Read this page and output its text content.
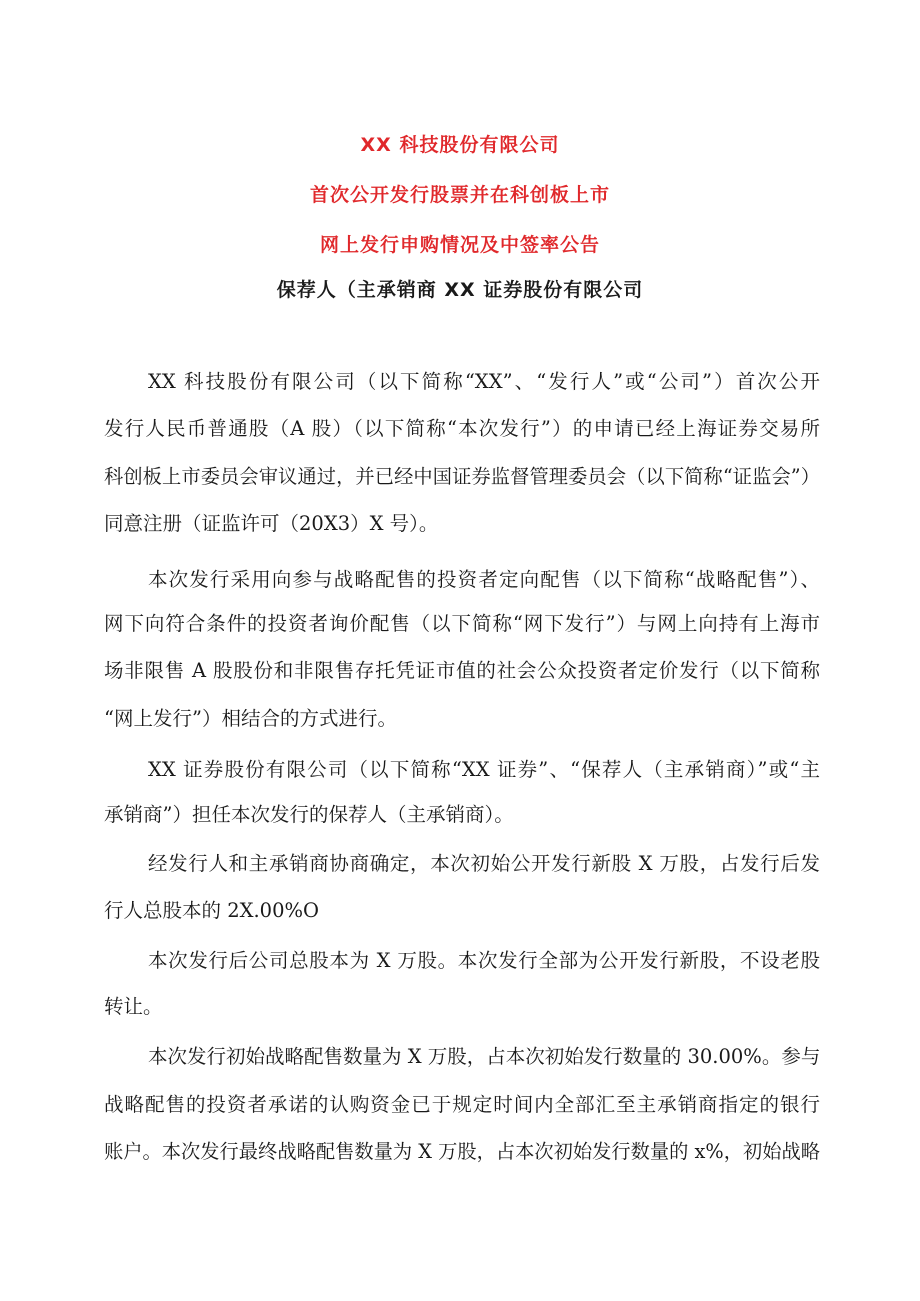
XX 科技股份有限公司
首次公开发行股票并在科创板上市
网上发行申购情况及中签率公告
保荐人（主承销商 XX 证券股份有限公司
XX 科技股份有限公司（以下简称“XX”、“发行人”或“公司”）首次公开
发行人民币普通股（A 股）（以下简称“本次发行”）的申请已经上海证券交易所
科创板上市委员会审议通过，并已经中国证券监督管理委员会（以下简称“证监会”）
同意注册（证监许可（20X3）X 号）。
本次发行采用向参与战略配售的投资者定向配售（以下简称“战略配售”）、
网下向符合条件的投资者询价配售（以下简称“网下发行”）与网上向持有上海市
场非限售 A 股股份和非限售存托凭证市值的社会公众投资者定价发行（以下简称
“网上发行”）相结合的方式进行。
XX 证券股份有限公司（以下简称“XX 证券”、“保荐人（主承销商）”或“主
承销商”）担任本次发行的保荐人（主承销商）。
经发行人和主承销商协商确定，本次初始公开发行新股 X 万股，占发行后发
行人总股本的 2X.00%O
本次发行后公司总股本为 X 万股。本次发行全部为公开发行新股，不设老股
转让。
本次发行初始战略配售数量为 X 万股，占本次初始发行数量的 30.00%。参与
战略配售的投资者承诺的认购资金已于规定时间内全部汇至主承销商指定的银行
账户。本次发行最终战略配售数量为 X 万股，占本次初始发行数量的 x%，初始战略
